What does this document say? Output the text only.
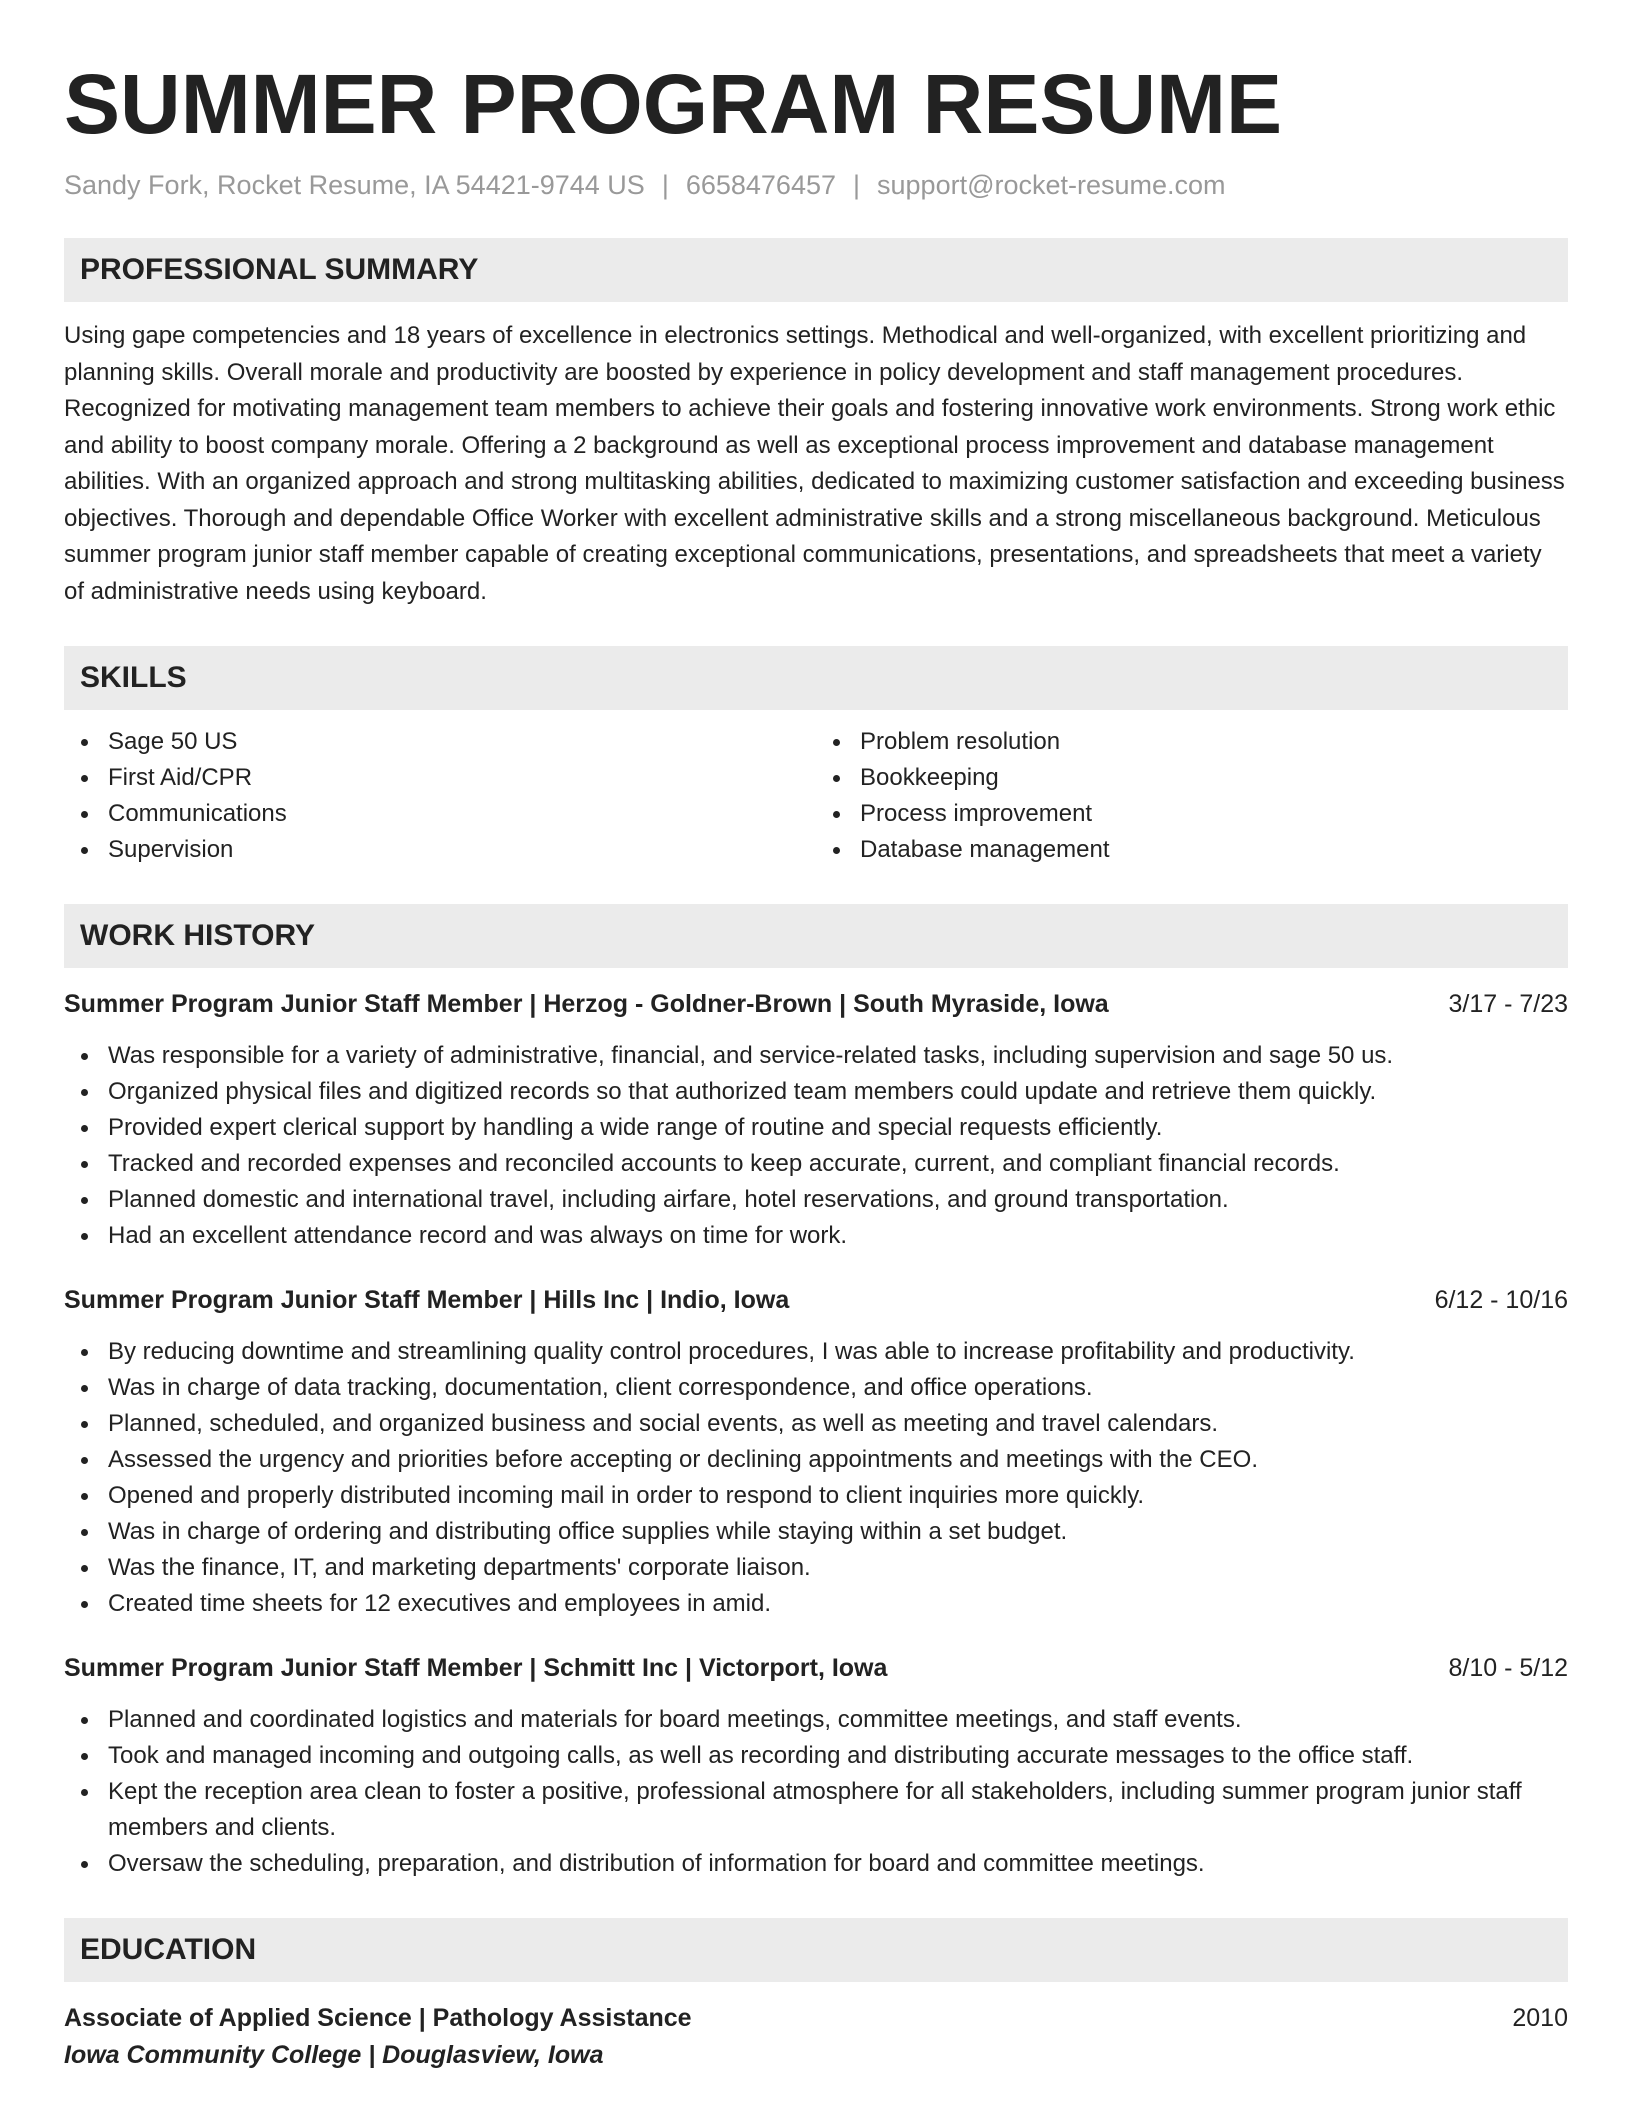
SUMMER PROGRAM RESUME
Sandy Fork, Rocket Resume, IA 54421-9744 US | 6658476457 | support@rocket-resume.com
PROFESSIONAL SUMMARY
Using gape competencies and 18 years of excellence in electronics settings. Methodical and well-organized, with excellent prioritizing and planning skills. Overall morale and productivity are boosted by experience in policy development and staff management procedures. Recognized for motivating management team members to achieve their goals and fostering innovative work environments. Strong work ethic and ability to boost company morale. Offering a 2 background as well as exceptional process improvement and database management abilities. With an organized approach and strong multitasking abilities, dedicated to maximizing customer satisfaction and exceeding business objectives. Thorough and dependable Office Worker with excellent administrative skills and a strong miscellaneous background. Meticulous summer program junior staff member capable of creating exceptional communications, presentations, and spreadsheets that meet a variety of administrative needs using keyboard.
SKILLS
Sage 50 US
First Aid/CPR
Communications
Supervision
Problem resolution
Bookkeeping
Process improvement
Database management
WORK HISTORY
Summer Program Junior Staff Member | Herzog - Goldner-Brown | South Myraside, Iowa	3/17 - 7/23
Was responsible for a variety of administrative, financial, and service-related tasks, including supervision and sage 50 us.
Organized physical files and digitized records so that authorized team members could update and retrieve them quickly.
Provided expert clerical support by handling a wide range of routine and special requests efficiently.
Tracked and recorded expenses and reconciled accounts to keep accurate, current, and compliant financial records.
Planned domestic and international travel, including airfare, hotel reservations, and ground transportation.
Had an excellent attendance record and was always on time for work.
Summer Program Junior Staff Member | Hills Inc | Indio, Iowa	6/12 - 10/16
By reducing downtime and streamlining quality control procedures, I was able to increase profitability and productivity.
Was in charge of data tracking, documentation, client correspondence, and office operations.
Planned, scheduled, and organized business and social events, as well as meeting and travel calendars.
Assessed the urgency and priorities before accepting or declining appointments and meetings with the CEO.
Opened and properly distributed incoming mail in order to respond to client inquiries more quickly.
Was in charge of ordering and distributing office supplies while staying within a set budget.
Was the finance, IT, and marketing departments' corporate liaison.
Created time sheets for 12 executives and employees in amid.
Summer Program Junior Staff Member | Schmitt Inc | Victorport, Iowa	8/10 - 5/12
Planned and coordinated logistics and materials for board meetings, committee meetings, and staff events.
Took and managed incoming and outgoing calls, as well as recording and distributing accurate messages to the office staff.
Kept the reception area clean to foster a positive, professional atmosphere for all stakeholders, including summer program junior staff members and clients.
Oversaw the scheduling, preparation, and distribution of information for board and committee meetings.
EDUCATION
Associate of Applied Science | Pathology Assistance	2010
Iowa Community College | Douglasview, Iowa
